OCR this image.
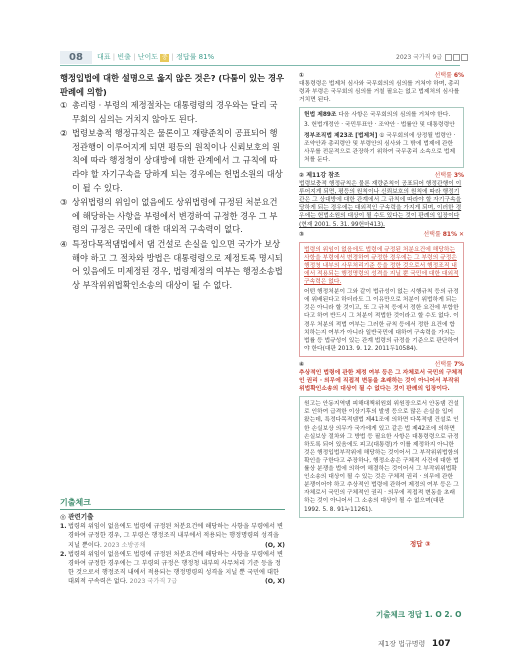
08	대표 | 빈출 | 난이도 중 | 정답률 81%	2023 국가직 9급
행정입법에 대한 설명으로 옳지 않은 것은? (다툼이 있는 경우 판례에 의함)
① 총리령 · 부령의 제정절차는 대통령령의 경우와는 달리 국무회의 심의는 거치지 않아도 된다.
② 법령보충적 행정규칙은 물론이고 재량준칙이 공표되어 행정관행이 이루어지게 되면 평등의 원칙이나 신뢰보호의 원칙에 따라 행정청이 상대방에 대한 관계에서 그 규칙에 따라야 할 자기구속을 당하게 되는 경우에는 헌법소원의 대상이 될 수 있다.
③ 상위법령의 위임이 없음에도 상위법령에 규정된 처분요건에 해당하는 사항을 부령에서 변경하여 규정한 경우 그 부령의 규정은 국민에 대한 대외적 구속력이 없다.
④ 특정다목적댐법에서 댐 건설로 손실을 입으면 국가가 보상해야 하고 그 절차와 방법은 대통령령으로 제정토록 명시되어 있음에도 미제정된 경우, 법령제정의 여부는 행정소송법상 부작위위법확인소송의 대상이 될 수 없다.
기출체크
◎ 관련기출
1. 법령의 위임이 없음에도 법령에 규정된 처분요건에 해당하는 사항을 부령에서 변경하여 규정한 경우, 그 부령은 행정조직 내부에서 적용되는 행정명령의 성격을 지닐 뿐이다. 2023 소방공채	(O, X)
2. 법령의 위임이 없음에도 법령에 규정된 처분요건에 해당하는 사항을 부령에서 변경하여 규정한 경우에는 그 부령의 규정은 행정청 내부의 사무처리 기준 등을 정한 것으로서 행정조직 내에서 적용되는 행정명령의 성격을 지닐 뿐 국민에 대한 대외적 구속력은 없다. 2023 국가직 7급	(O, X)
①	선택률 6%
대통령령은 법제처 심사와 국무회의의 심의를 거쳐야 하며, 총리령과 부령은 국무회의 심의를 거칠 필요는 없고 법제처의 심사를 거치면 된다.
헌법 제89조 다음 사항은 국무회의의 심의를 거쳐야 한다.
3. 헌법개정안 · 국민투표안 · 조약안 · 법률안 및 대통령령안
정부조직법 제23조 [법제처] ① 국무회의에 상정될 법령안 · 조약안과 총리령안 및 부령안의 심사와 그 밖에 법제에 관한 사무를 전문적으로 관장하기 위하여 국무총리 소속으로 법제처를 둔다.
② 제11강 참조	선택률 3%
법령보충적 행정규칙은 물론 재량준칙이 공표되어 행정관행이 이루어지게 되면, 평등의 원칙이나 신뢰보호의 원칙에 따라 행정기관은 그 상대방에 대한 관계에서 그 규칙에 따라야 할 자기구속을 당하게 되는 경우에는 대외적인 구속력을 가지게 되며, 이러한 경우에는 헌법소원의 대상이 될 수도 있다는 것이 판례의 입장이다(현재 2001. 5. 31. 99헌마413).
③	선택률 81% ✕
법령의 위임이 없음에도 법령에 규정된 처분요건에 해당하는 사항을 부령에서 변경하여 규정한 경우에는 그 부령의 규정은 행정청 내부의 사무처리기준 등을 정한 것으로서 행정조직 내에서 적용되는 행정명령의 성격을 지닐 뿐 국민에 대한 대외적 구속력은 없다.
어떤 행정처분이 그와 같이 법규성이 없는 시행규칙 등의 규정에 위배된다고 하더라도 그 이유만으로 처분이 위법하게 되는 것은 아니라 할 것이고, 또 그 규칙 등에서 정한 요건에 부합한다고 하여 반드시 그 처분이 적법한 것이라고 할 수도 없다. 이 경우 처분의 적법 여부는 그러한 규칙 등에서 정한 요건에 합치하는지 여부가 아니라 일반국민에 대하여 구속력을 가지는 법률 등 법규성이 있는 관계 법령의 규정을 기준으로 판단하여야 한다(대판 2013. 9. 12. 2011두10584).
④	선택률 7%
추상적인 법령에 관한 제정 여부 등은 그 자체로서 국민의 구체적인 권리 · 의무에 직접적 변동을 초래하는 것이 아니어서 부작위위법확인소송의 대상이 될 수 없다는 것이 판례의 입장이다.
원고는 안동지역댐 피해대책위원회 위원장으로서 안동댐 건설로 인하여 급격한 이상기후의 발생 등으로 많은 손실을 입어 왔는데, 특정다목적댐법 제41조에 의하면 다목적댐 건설로 인한 손실보상 의무가 국가에게 있고 같은 법 제42조에 의하면 손실보상 절차와 그 방법 등 필요한 사항은 대통령령으로 규정하도록 되어 있음에도 피고(대통령)가 이를 제정하지 아니한 것은 행정입법부작위에 해당하는 것이어서 그 부작위위법함의 확인을 구한다고 주장하나, 행정소송은 구체적 사건에 대한 법률상 분쟁을 법에 의하여 해결하는 것이어서 그 부작위위법확인소송의 대상이 될 수 있는 것은 구체적 권리 · 의무에 관한 분쟁이어야 하고 추상적인 법령에 관하여 제정의 여부 등은 그 자체로서 국민의 구체적인 권리 · 의무에 직접적 변동을 초래하는 것이 아니어서 그 소송의 대상이 될 수 없으며(대판 1992. 5. 8. 91누11261).
정답 ③
기출체크 정답 1. O 2. O
제1장 법규명령 107
